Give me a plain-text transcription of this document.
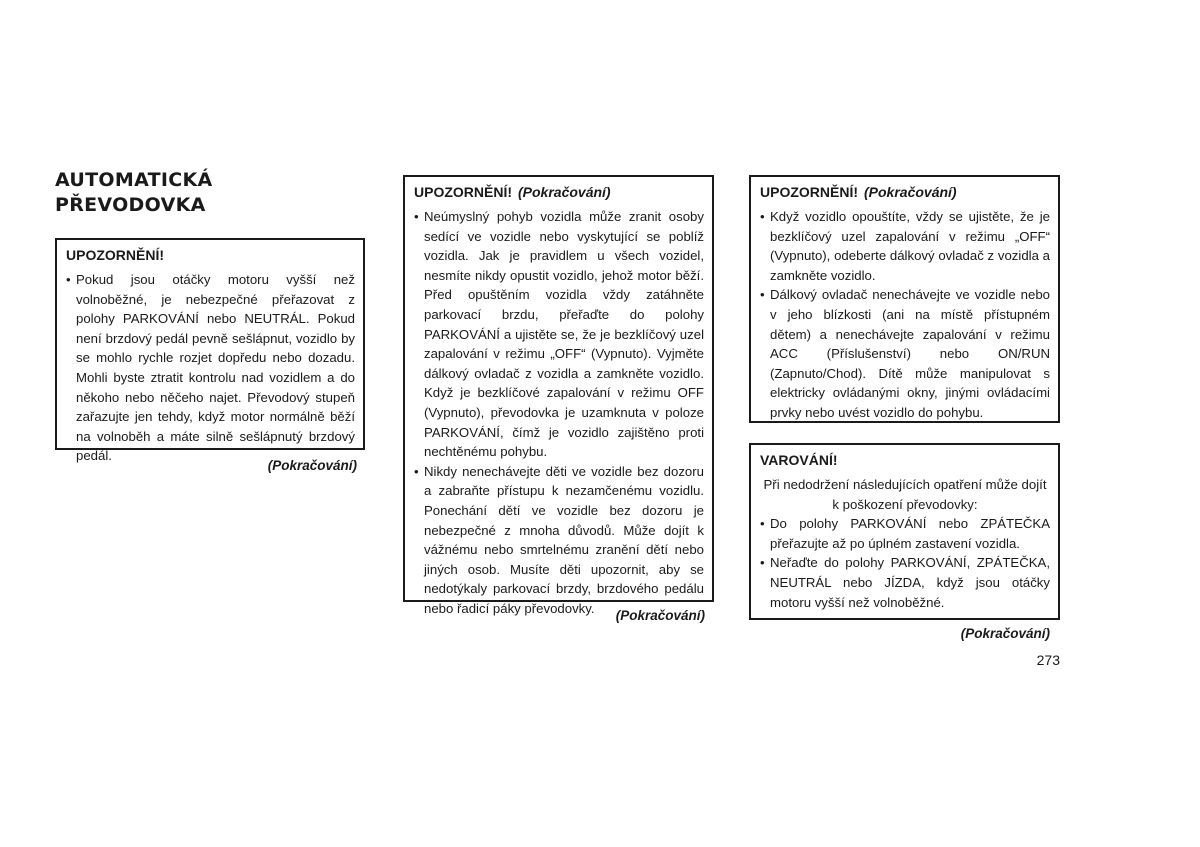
AUTOMATICKÁ
PŘEVODOVKA
UPOZORNĚNÍ!
• Pokud jsou otáčky motoru vyšší než volnoběžné, je nebezpečné přeřazovat z polohy PARKOVÁNÍ nebo NEUTRÁL. Pokud není brzdový pedál pevně sešlápnut, vozidlo by se mohlo rychle rozjet dopředu nebo dozadu. Mohli byste ztratit kontrolu nad vozidlem a do někoho nebo něčeho najet. Převodový stupeň zařazujte jen tehdy, když motor normálně běží na volnoběh a máte silně sešlápnutý brzdový pedál.
(Pokračování)
UPOZORNĚNÍ! (Pokračování)
• Neúmyslný pohyb vozidla může zranit osoby sedící ve vozidle nebo vyskytující se poblíž vozidla. Jak je pravidlem u všech vozidel, nesmíte nikdy opustit vozidlo, jehož motor běží. Před opuštěním vozidla vždy zatáhněte parkovací brzdu, přeřaďte do polohy PARKOVÁNÍ a ujistěte se, že je bezklíčový uzel zapalování v režimu „OFF“ (Vypnuto). Vyjměte dálkový ovladač z vozidla a zamkněte vozidlo. Když je bezklíčové zapalování v režimu OFF (Vypnuto), převodovka je uzamknuta v poloze PARKOVÁNÍ, čímž je vozidlo zajištěno proti nechtěnému pohybu.
• Nikdy nenechávejte děti ve vozidle bez dozoru a zabraňte přístupu k nezamčenému vozidlu. Ponechání dětí ve vozidle bez dozoru je nebezpečné z mnoha důvodů. Může dojít k vážnému nebo smrtelnému zranění dětí nebo jiných osob. Musíte děti upozornit, aby se nedotýkaly parkovací brzdy, brzdového pedálu nebo řadicí páky převodovky.	(Pokračování)
UPOZORNĚNÍ! (Pokračování)
• Když vozidlo opouštíte, vždy se ujistěte, že je bezklíčový uzel zapalování v režimu „OFF“ (Vypnuto), odeberte dálkový ovladač z vozidla a zamkněte vozidlo.
• Dálkový ovladač nenechávejte ve vozidle nebo v jeho blízkosti (ani na místě přístupném dětem) a nenechávejte zapalování v režimu ACC (Příslušenství) nebo ON/RUN (Zapnuto/Chod). Dítě může manipulovat s elektricky ovládanými okny, jinými ovládacími prvky nebo uvést vozidlo do pohybu.
VAROVÁNÍ!

Při nedodržení následujících opatření může dojít k poškození převodovky:

• Do polohy PARKOVÁNÍ nebo ZPÁTEČKA přeřazujte až po úplném zastavení vozidla.
• Neřaďte do polohy PARKOVÁNÍ, ZPÁTEČKA, NEUTRÁL nebo JÍZDA, když jsou otáčky motoru vyšší než volnoběžné.
(Pokračování)
273
